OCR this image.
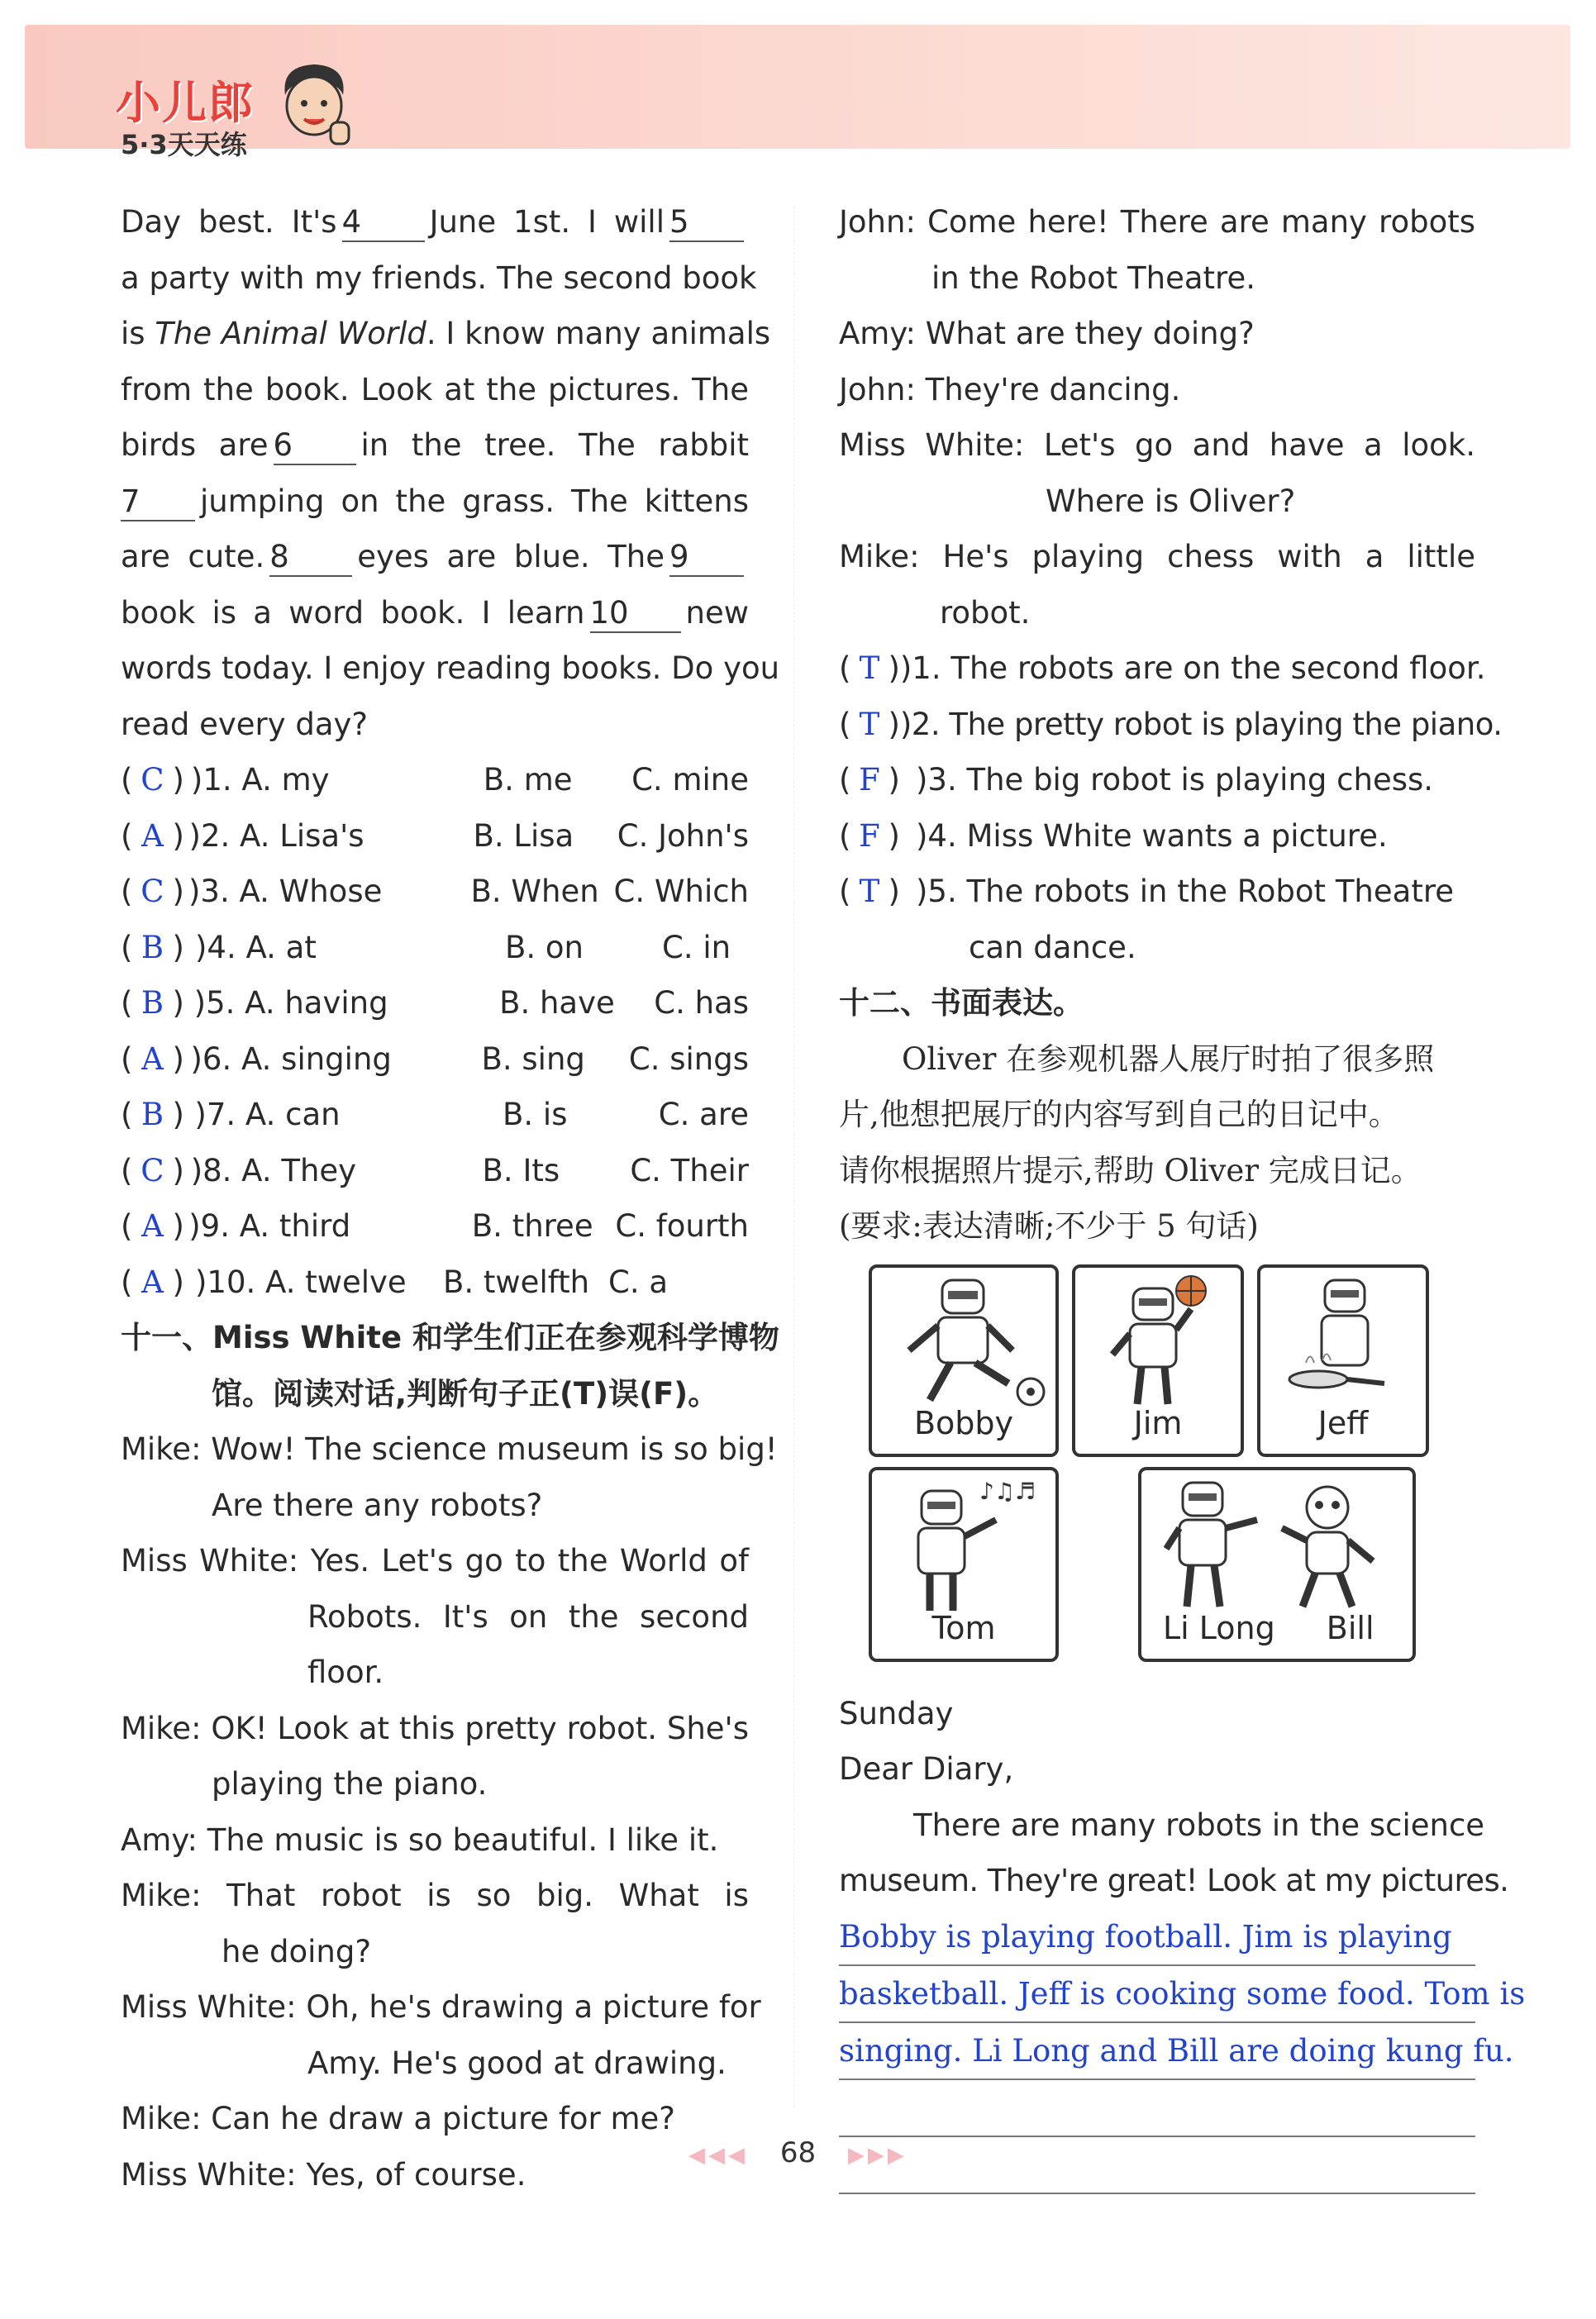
小儿郎
5·3天天练
Day best. It's 4 June 1st. I will 5
a party with my friends. The second book
is The Animal World. I know many animals
from the book. Look at the pictures. The
birds are 6 in the tree. The rabbit
7 jumping on the grass. The kittens
are cute. 8 eyes are blue. The 9
book is a word book. I learn 10 new
words today. I enjoy reading books. Do you
read every day?
( C ) )1. A. my	B. me	C. mine
( A ) )2. A. Lisa's	B. Lisa	C. John's
( C ) )3. A. Whose	B. When C. Which
( B ) )4. A. at	B. on	C. in
( B ) )5. A. having	B. have	C. has
( A ) )6. A. singing	B. sing	C. sings
( B ) )7. A. can	B. is	C. are
( C ) )8. A. They	B. Its	C. Their
( A ) )9. A. third	B. three C. fourth
( A ) )10. A. twelve	B. twelfth C. a
十一、Miss White 和学生们正在参观科学博物
馆。阅读对话,判断句子正(T)误(F)。
Mike: Wow! The science museum is so big!
Are there any robots?
Miss White: Yes. Let's go to the World of
Robots. It's on the second
floor.
Mike: OK! Look at this pretty robot. She's
playing the piano.
Amy: The music is so beautiful. I like it.
Mike: That robot is so big. What is
he doing?
Miss White: Oh, he's drawing a picture for
Amy. He's good at drawing.
Mike: Can he draw a picture for me?
Miss White: Yes, of course.
John: Come here! There are many robots
in the Robot Theatre.
Amy: What are they doing?
John: They're dancing.
Miss White: Let's go and have a look.
Where is Oliver?
Mike: He's playing chess with a little
robot.
( T ) )1. The robots are on the second floor.
( T ) )2. The pretty robot is playing the piano.
( F ) )3. The big robot is playing chess.
( F ) )4. Miss White wants a picture.
( T ) )5. The robots in the Robot Theatre
can dance.
十二、书面表达。
Oliver 在参观机器人展厅时拍了很多照
片,他想把展厅的内容写到自己的日记中。
请你根据照片提示,帮助 Oliver 完成日记。
(要求:表达清晰;不少于 5 句话)
Bobby	Jim	Jeff
♪♫♬
Tom	Li Long Bill
Sunday
Dear Diary,
There are many robots in the science
museum. They're great! Look at my pictures.
Bobby is playing football. Jim is playing
basketball. Jeff is cooking some food. Tom is
singing. Li Long and Bill are doing kung fu.
◀◀◀ 68 ▶▶▶
